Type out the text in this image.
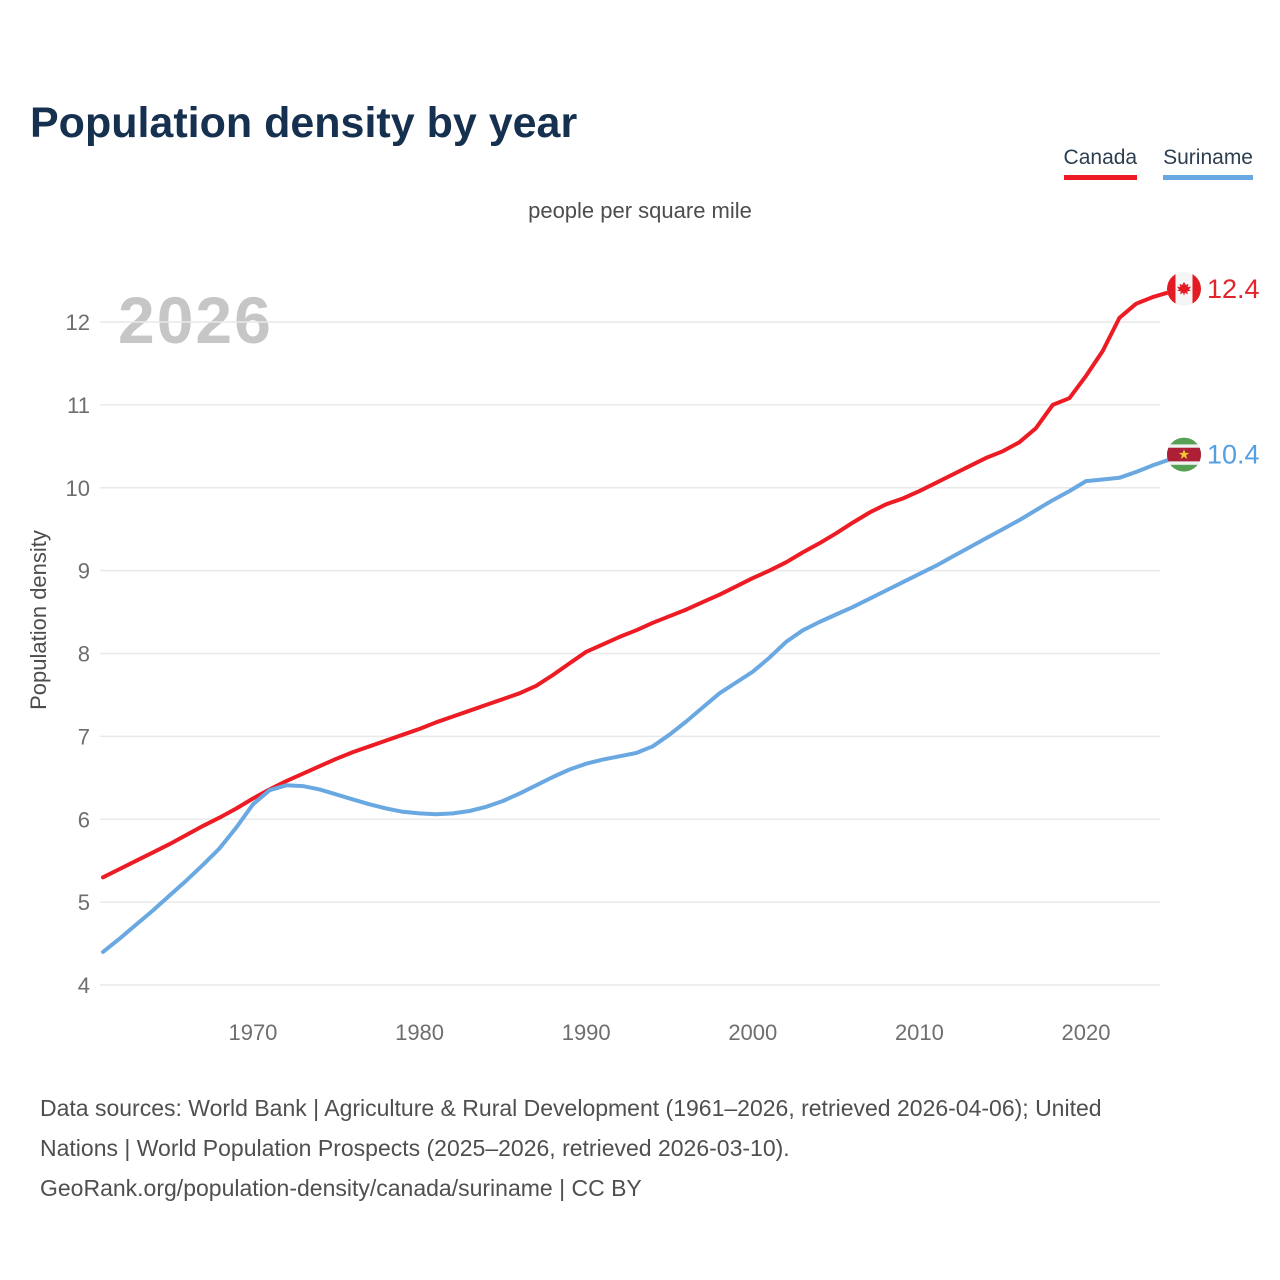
Population density by year
Canada Suriname
people per square mile
2026
4
5
6
7
8
9
10
11
12
1970	1980	1990	2000	2010	2020
Population density
12.4
10.4
Data sources: World Bank | Agriculture & Rural Development (1961–2026, retrieved 2026-04-06); United
Nations | World Population Prospects (2025–2026, retrieved 2026-03-10).
GeoRank.org/population-density/canada/suriname | CC BY
